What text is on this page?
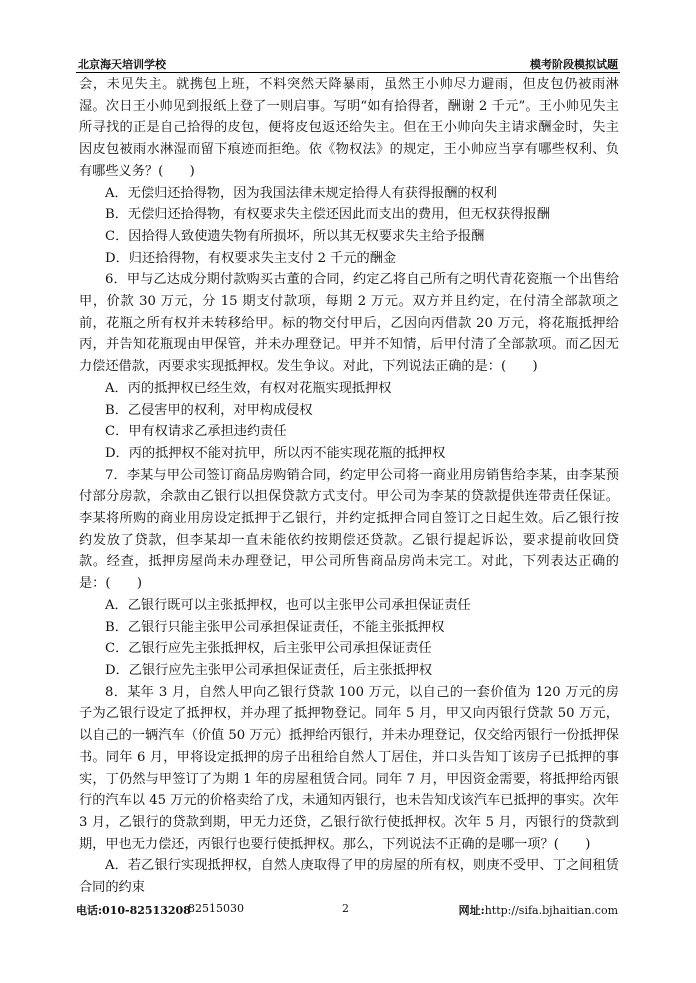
北京海天培训学校	模考阶段模拟试题

会，未见失主。就携包上班，不料突然天降暴雨，虽然王小帅尽力避雨，但皮包仍被雨淋湿。次日王小帅见到报纸上登了一则启事。写明“如有拾得者，酬谢 2 千元”。王小帅见失主所寻找的正是自己拾得的皮包，便将皮包返还给失主。但在王小帅向失主请求酬金时，失主因皮包被雨水淋湿而留下痕迹而拒绝。依《物权法》的规定，王小帅应当享有哪些权利、负有哪些义务？(　　)

A．无偿归还拾得物，因为我国法律未规定拾得人有获得报酬的权利

B．无偿归还拾得物，有权要求失主偿还因此而支出的费用，但无权获得报酬

C．因拾得人致使遗失物有所损坏，所以其无权要求失主给予报酬

D．归还拾得物，有权要求失主支付 2 千元的酬金

6．甲与乙达成分期付款购买古董的合同，约定乙将自己所有之明代青花瓷瓶一个出售给甲，价款 30 万元，分 15 期支付款项，每期 2 万元。双方并且约定，在付清全部款项之前，花瓶之所有权并未转移给甲。标的物交付甲后，乙因向丙借款 20 万元，将花瓶抵押给丙，并告知花瓶现由甲保管，并未办理登记。甲并不知情，后甲付清了全部款项。而乙因无力偿还借款，丙要求实现抵押权。发生争议。对此，下列说法正确的是：(　　)

A．丙的抵押权已经生效，有权对花瓶实现抵押权

B．乙侵害甲的权利，对甲构成侵权

C．甲有权请求乙承担违约责任

D．丙的抵押权不能对抗甲，所以丙不能实现花瓶的抵押权

7．李某与甲公司签订商品房购销合同，约定甲公司将一商业用房销售给李某，由李某预付部分房款，余款由乙银行以担保贷款方式支付。甲公司为李某的贷款提供连带责任保证。李某将所购的商业用房设定抵押于乙银行，并约定抵押合同自签订之日起生效。后乙银行按约发放了贷款，但李某却一直未能依约按期偿还贷款。乙银行提起诉讼，要求提前收回贷款。经查，抵押房屋尚未办理登记，甲公司所售商品房尚未完工。对此，下列表达正确的是：(　　)

A．乙银行既可以主张抵押权，也可以主张甲公司承担保证责任

B．乙银行只能主张甲公司承担保证责任，不能主张抵押权

C．乙银行应先主张抵押权，后主张甲公司承担保证责任

D．乙银行应先主张甲公司承担保证责任，后主张抵押权

8．某年 3 月，自然人甲向乙银行贷款 100 万元，以自己的一套价值为 120 万元的房子为乙银行设定了抵押权，并办理了抵押物登记。同年 5 月，甲又向丙银行贷款 50 万元，以自己的一辆汽车（价值 50 万元）抵押给丙银行，并未办理登记，仅交给丙银行一份抵押保书。同年 6 月，甲将设定抵押的房子出租给自然人丁居住，并口头告知丁该房子已抵押的事实，丁仍然与甲签订了为期 1 年的房屋租赁合同。同年 7 月，甲因资金需要，将抵押给丙银行的汽车以 45 万元的价格卖给了戊，未通知丙银行，也未告知戊该汽车已抵押的事实。次年 3 月，乙银行的贷款到期，甲无力还贷，乙银行欲行使抵押权。次年 5 月，丙银行的贷款到期，甲也无力偿还，丙银行也要行使抵押权。那么，下列说法不正确的是哪一项？(　　)

A．若乙银行实现抵押权，自然人庚取得了甲的房屋的所有权，则庚不受甲、丁之间租赁合同的约束

电话:010-82513208
82515030	2	网址:http://sifa.bjhaitian.com
